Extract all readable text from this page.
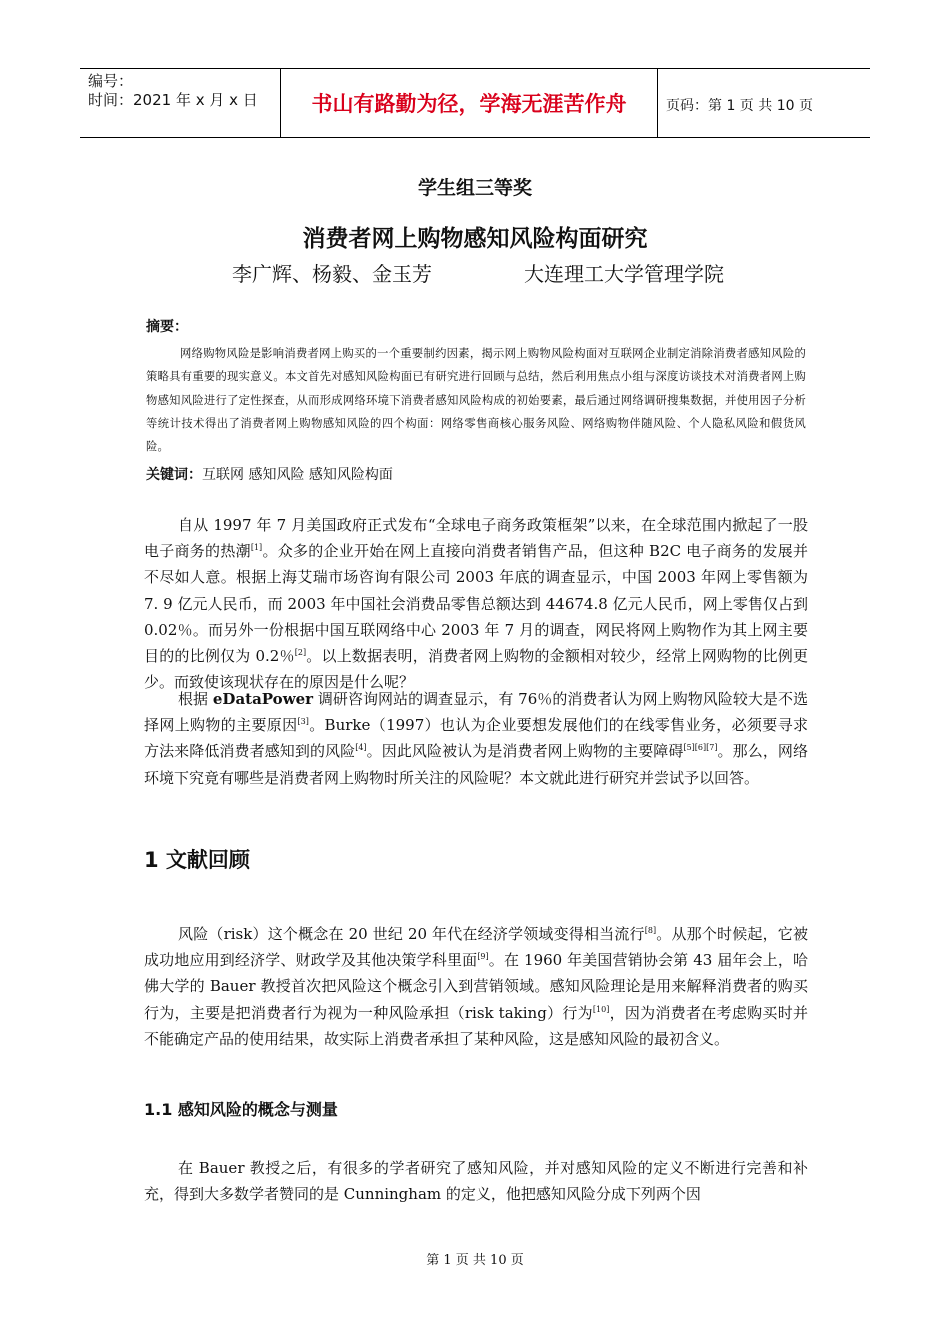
编号：
时间：2021 年 x 月 x 日	书山有路勤为径，学海无涯苦作舟	页码：第 1 页 共 10 页
学生组三等奖
消费者网上购物感知风险构面研究
李广辉、杨毅、金玉芳	大连理工大学管理学院
摘要：

网络购物风险是影响消费者网上购买的一个重要制约因素，揭示网上购物风险构面对互联网企业制定消除消费者感知风险的策略具有重要的现实意义。本文首先对感知风险构面已有研究进行回顾与总结，然后利用焦点小组与深度访谈技术对消费者网上购物感知风险进行了定性探查，从而形成网络环境下消费者感知风险构成的初始要素，最后通过网络调研搜集数据，并使用因子分析等统计技术得出了消费者网上购物感知风险的四个构面：网络零售商核心服务风险、网络购物伴随风险、个人隐私风险和假货风险。

关键词：互联网 感知风险 感知风险构面

自从 1997 年 7 月美国政府正式发布“全球电子商务政策框架”以来，在全球范围内掀起了一股电子商务的热潮[1]。众多的企业开始在网上直接向消费者销售产品，但这种 B2C 电子商务的发展并不尽如人意。根据上海艾瑞市场咨询有限公司 2003 年底的调查显示，中国 2003 年网上零售额为 7. 9 亿元人民币，而 2003 年中国社会消费品零售总额达到 44674.8 亿元人民币，网上零售仅占到 0.02％。而另外一份根据中国互联网络中心 2003 年 7 月的调查，网民将网上购物作为其上网主要目的的比例仅为 0.2％[2]。以上数据表明，消费者网上购物的金额相对较少，经常上网购物的比例更少。而致使该现状存在的原因是什么呢？

根据 eDataPower 调研咨询网站的调查显示，有 76％的消费者认为网上购物风险较大是不选择网上购物的主要原因[3]。Burke（1997）也认为企业要想发展他们的在线零售业务，必须要寻求方法来降低消费者感知到的风险[4]。因此风险被认为是消费者网上购物的主要障碍[5][6][7]。那么，网络环境下究竟有哪些是消费者网上购物时所关注的风险呢？本文就此进行研究并尝试予以回答。

1 文献回顾

风险（risk）这个概念在 20 世纪 20 年代在经济学领域变得相当流行[8]。从那个时候起，它被成功地应用到经济学、财政学及其他决策学科里面[9]。在 1960 年美国营销协会第 43 届年会上，哈佛大学的 Bauer 教授首次把风险这个概念引入到营销领域。感知风险理论是用来解释消费者的购买行为，主要是把消费者行为视为一种风险承担（risk taking）行为[10]，因为消费者在考虑购买时并不能确定产品的使用结果，故实际上消费者承担了某种风险，这是感知风险的最初含义。

1.1 感知风险的概念与测量

在 Bauer 教授之后，有很多的学者研究了感知风险，并对感知风险的定义不断进行完善和补充，得到大多数学者赞同的是 Cunningham 的定义，他把感知风险分成下列两个因

第 1 页 共 10 页
